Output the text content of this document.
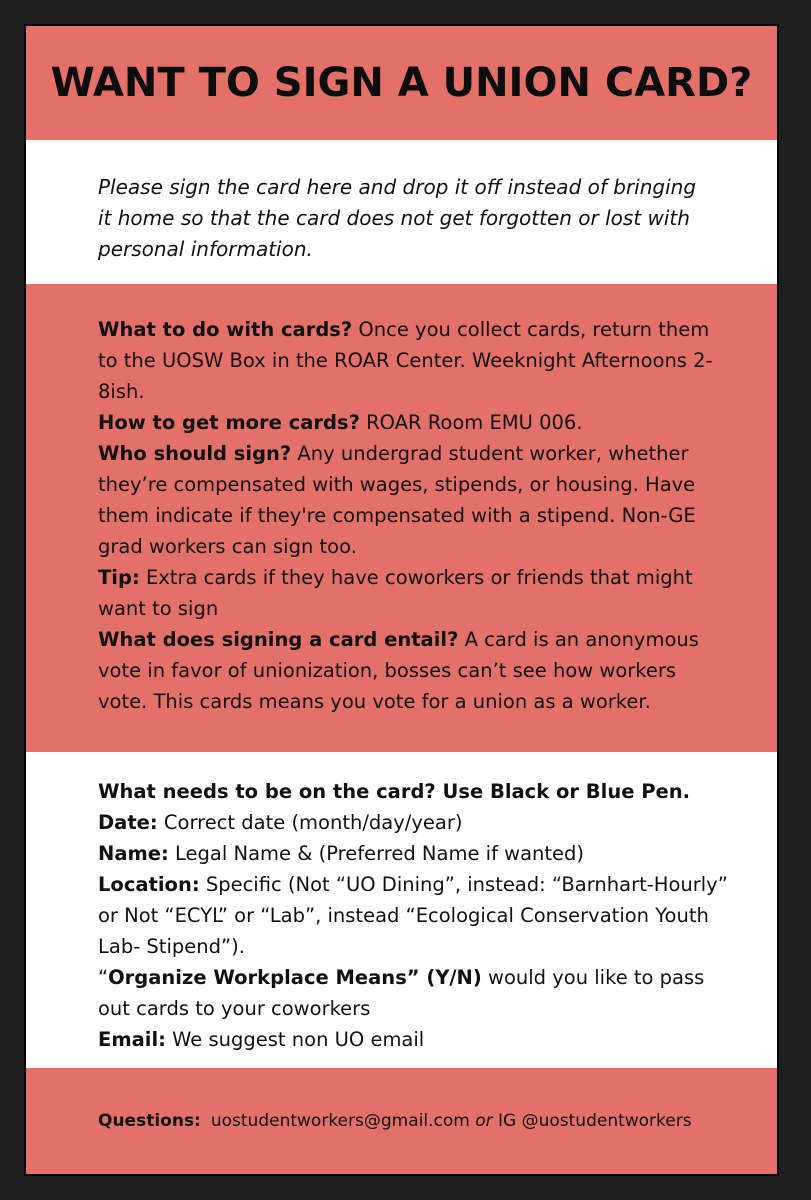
WANT TO SIGN A UNION CARD?

Please sign the card here and drop it off instead of bringing it home so that the card does not get forgotten or lost with personal information.

What to do with cards? Once you collect cards, return them to the UOSW Box in the ROAR Center. Weeknight Afternoons 2-8ish.

How to get more cards? ROAR Room EMU 006.

Who should sign? Any undergrad student worker, whether they’re compensated with wages, stipends, or housing. Have them indicate if they're compensated with a stipend. Non-GE grad workers can sign too.

Tip: Extra cards if they have coworkers or friends that might want to sign

What does signing a card entail? A card is an anonymous vote in favor of unionization, bosses can’t see how workers vote. This cards means you vote for a union as a worker.

What needs to be on the card? Use Black or Blue Pen.

Date: Correct date (month/day/year)

Name: Legal Name & (Preferred Name if wanted)

Location: Specific (Not “UO Dining”, instead: “Barnhart-Hourly” or Not “ECYL” or “Lab”, instead “Ecological Conservation Youth Lab- Stipend”).

“Organize Workplace Means” (Y/N) would you like to pass out cards to your coworkers

Email: We suggest non UO email

Questions: uostudentworkers@gmail.com or IG @uostudentworkers
